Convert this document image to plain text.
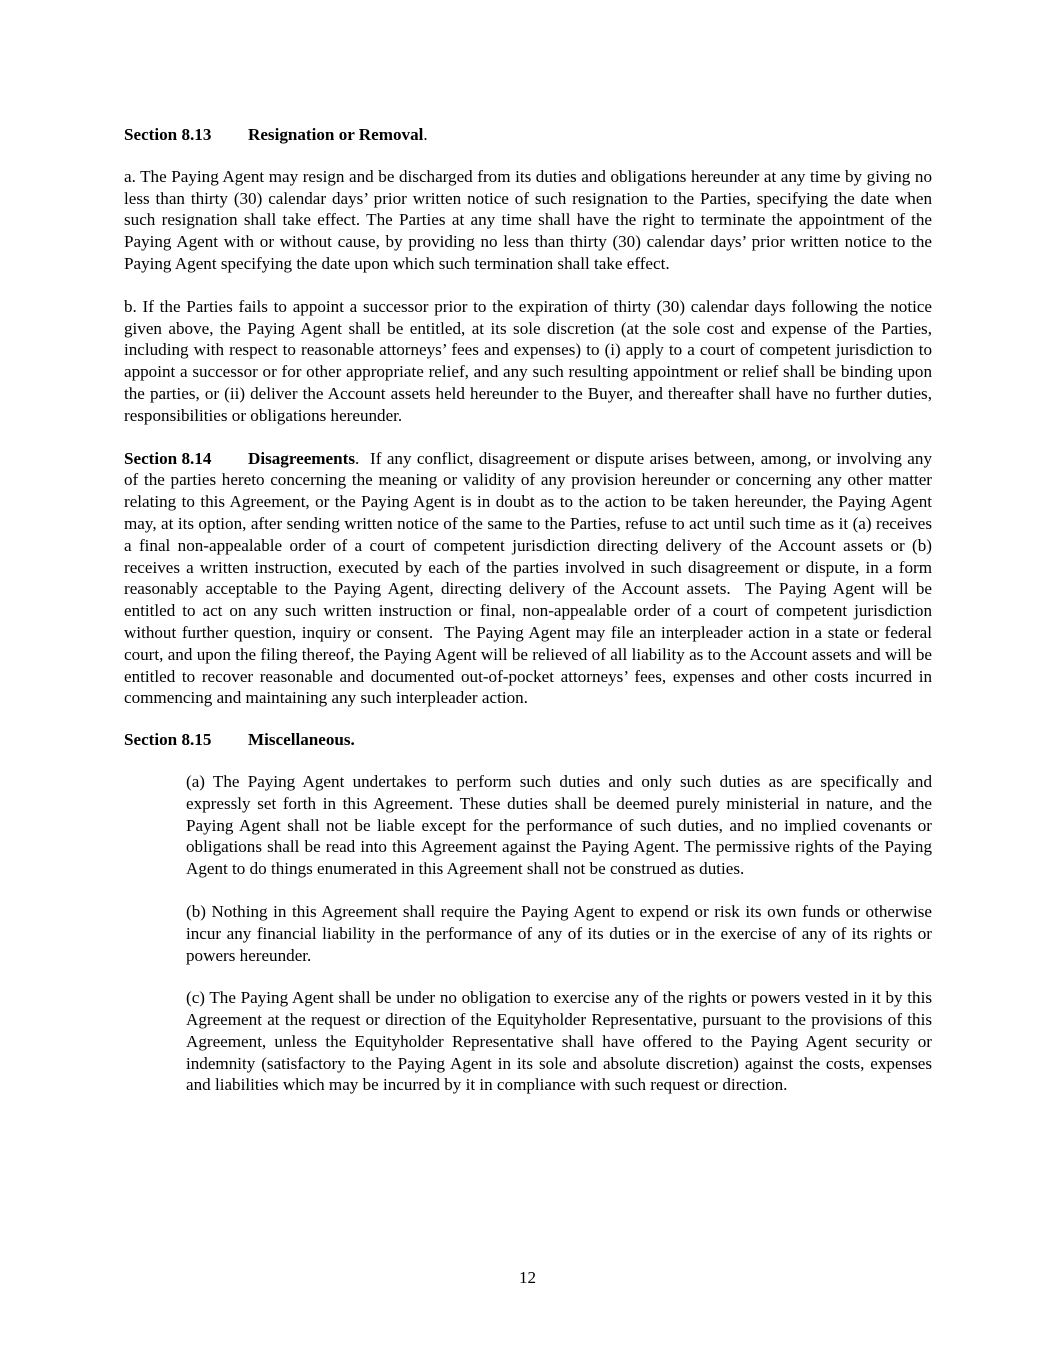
Section 8.13 Resignation or Removal.

a. The Paying Agent may resign and be discharged from its duties and obligations hereunder at any time by giving no less than thirty (30) calendar days’ prior written notice of such resignation to the Parties, specifying the date when such resignation shall take effect. The Parties at any time shall have the right to terminate the appointment of the Paying Agent with or without cause, by providing no less than thirty (30) calendar days’ prior written notice to the Paying Agent specifying the date upon which such termination shall take effect.

b. If the Parties fails to appoint a successor prior to the expiration of thirty (30) calendar days following the notice given above, the Paying Agent shall be entitled, at its sole discretion (at the sole cost and expense of the Parties, including with respect to reasonable attorneys’ fees and expenses) to (i) apply to a court of competent jurisdiction to appoint a successor or for other appropriate relief, and any such resulting appointment or relief shall be binding upon the parties, or (ii) deliver the Account assets held hereunder to the Buyer, and thereafter shall have no further duties, responsibilities or obligations hereunder.

Section 8.14 Disagreements.  If any conflict, disagreement or dispute arises between, among, or involving any of the parties hereto concerning the meaning or validity of any provision hereunder or concerning any other matter relating to this Agreement, or the Paying Agent is in doubt as to the action to be taken hereunder, the Paying Agent may, at its option, after sending written notice of the same to the Parties, refuse to act until such time as it (a) receives a final non-appealable order of a court of competent jurisdiction directing delivery of the Account assets or (b) receives a written instruction, executed by each of the parties involved in such disagreement or dispute, in a form reasonably acceptable to the Paying Agent, directing delivery of the Account assets.  The Paying Agent will be entitled to act on any such written instruction or final, non-appealable order of a court of competent jurisdiction without further question, inquiry or consent.  The Paying Agent may file an interpleader action in a state or federal court, and upon the filing thereof, the Paying Agent will be relieved of all liability as to the Account assets and will be entitled to recover reasonable and documented out-of-pocket attorneys’ fees, expenses and other costs incurred in commencing and maintaining any such interpleader action.

Section 8.15 Miscellaneous.

(a) The Paying Agent undertakes to perform such duties and only such duties as are specifically and expressly set forth in this Agreement. These duties shall be deemed purely ministerial in nature, and the Paying Agent shall not be liable except for the performance of such duties, and no implied covenants or obligations shall be read into this Agreement against the Paying Agent. The permissive rights of the Paying Agent to do things enumerated in this Agreement shall not be construed as duties.

(b) Nothing in this Agreement shall require the Paying Agent to expend or risk its own funds or otherwise incur any financial liability in the performance of any of its duties or in the exercise of any of its rights or powers hereunder.

(c) The Paying Agent shall be under no obligation to exercise any of the rights or powers vested in it by this Agreement at the request or direction of the Equityholder Representative, pursuant to the provisions of this Agreement, unless the Equityholder Representative shall have offered to the Paying Agent security or indemnity (satisfactory to the Paying Agent in its sole and absolute discretion) against the costs, expenses and liabilities which may be incurred by it in compliance with such request or direction.

12
